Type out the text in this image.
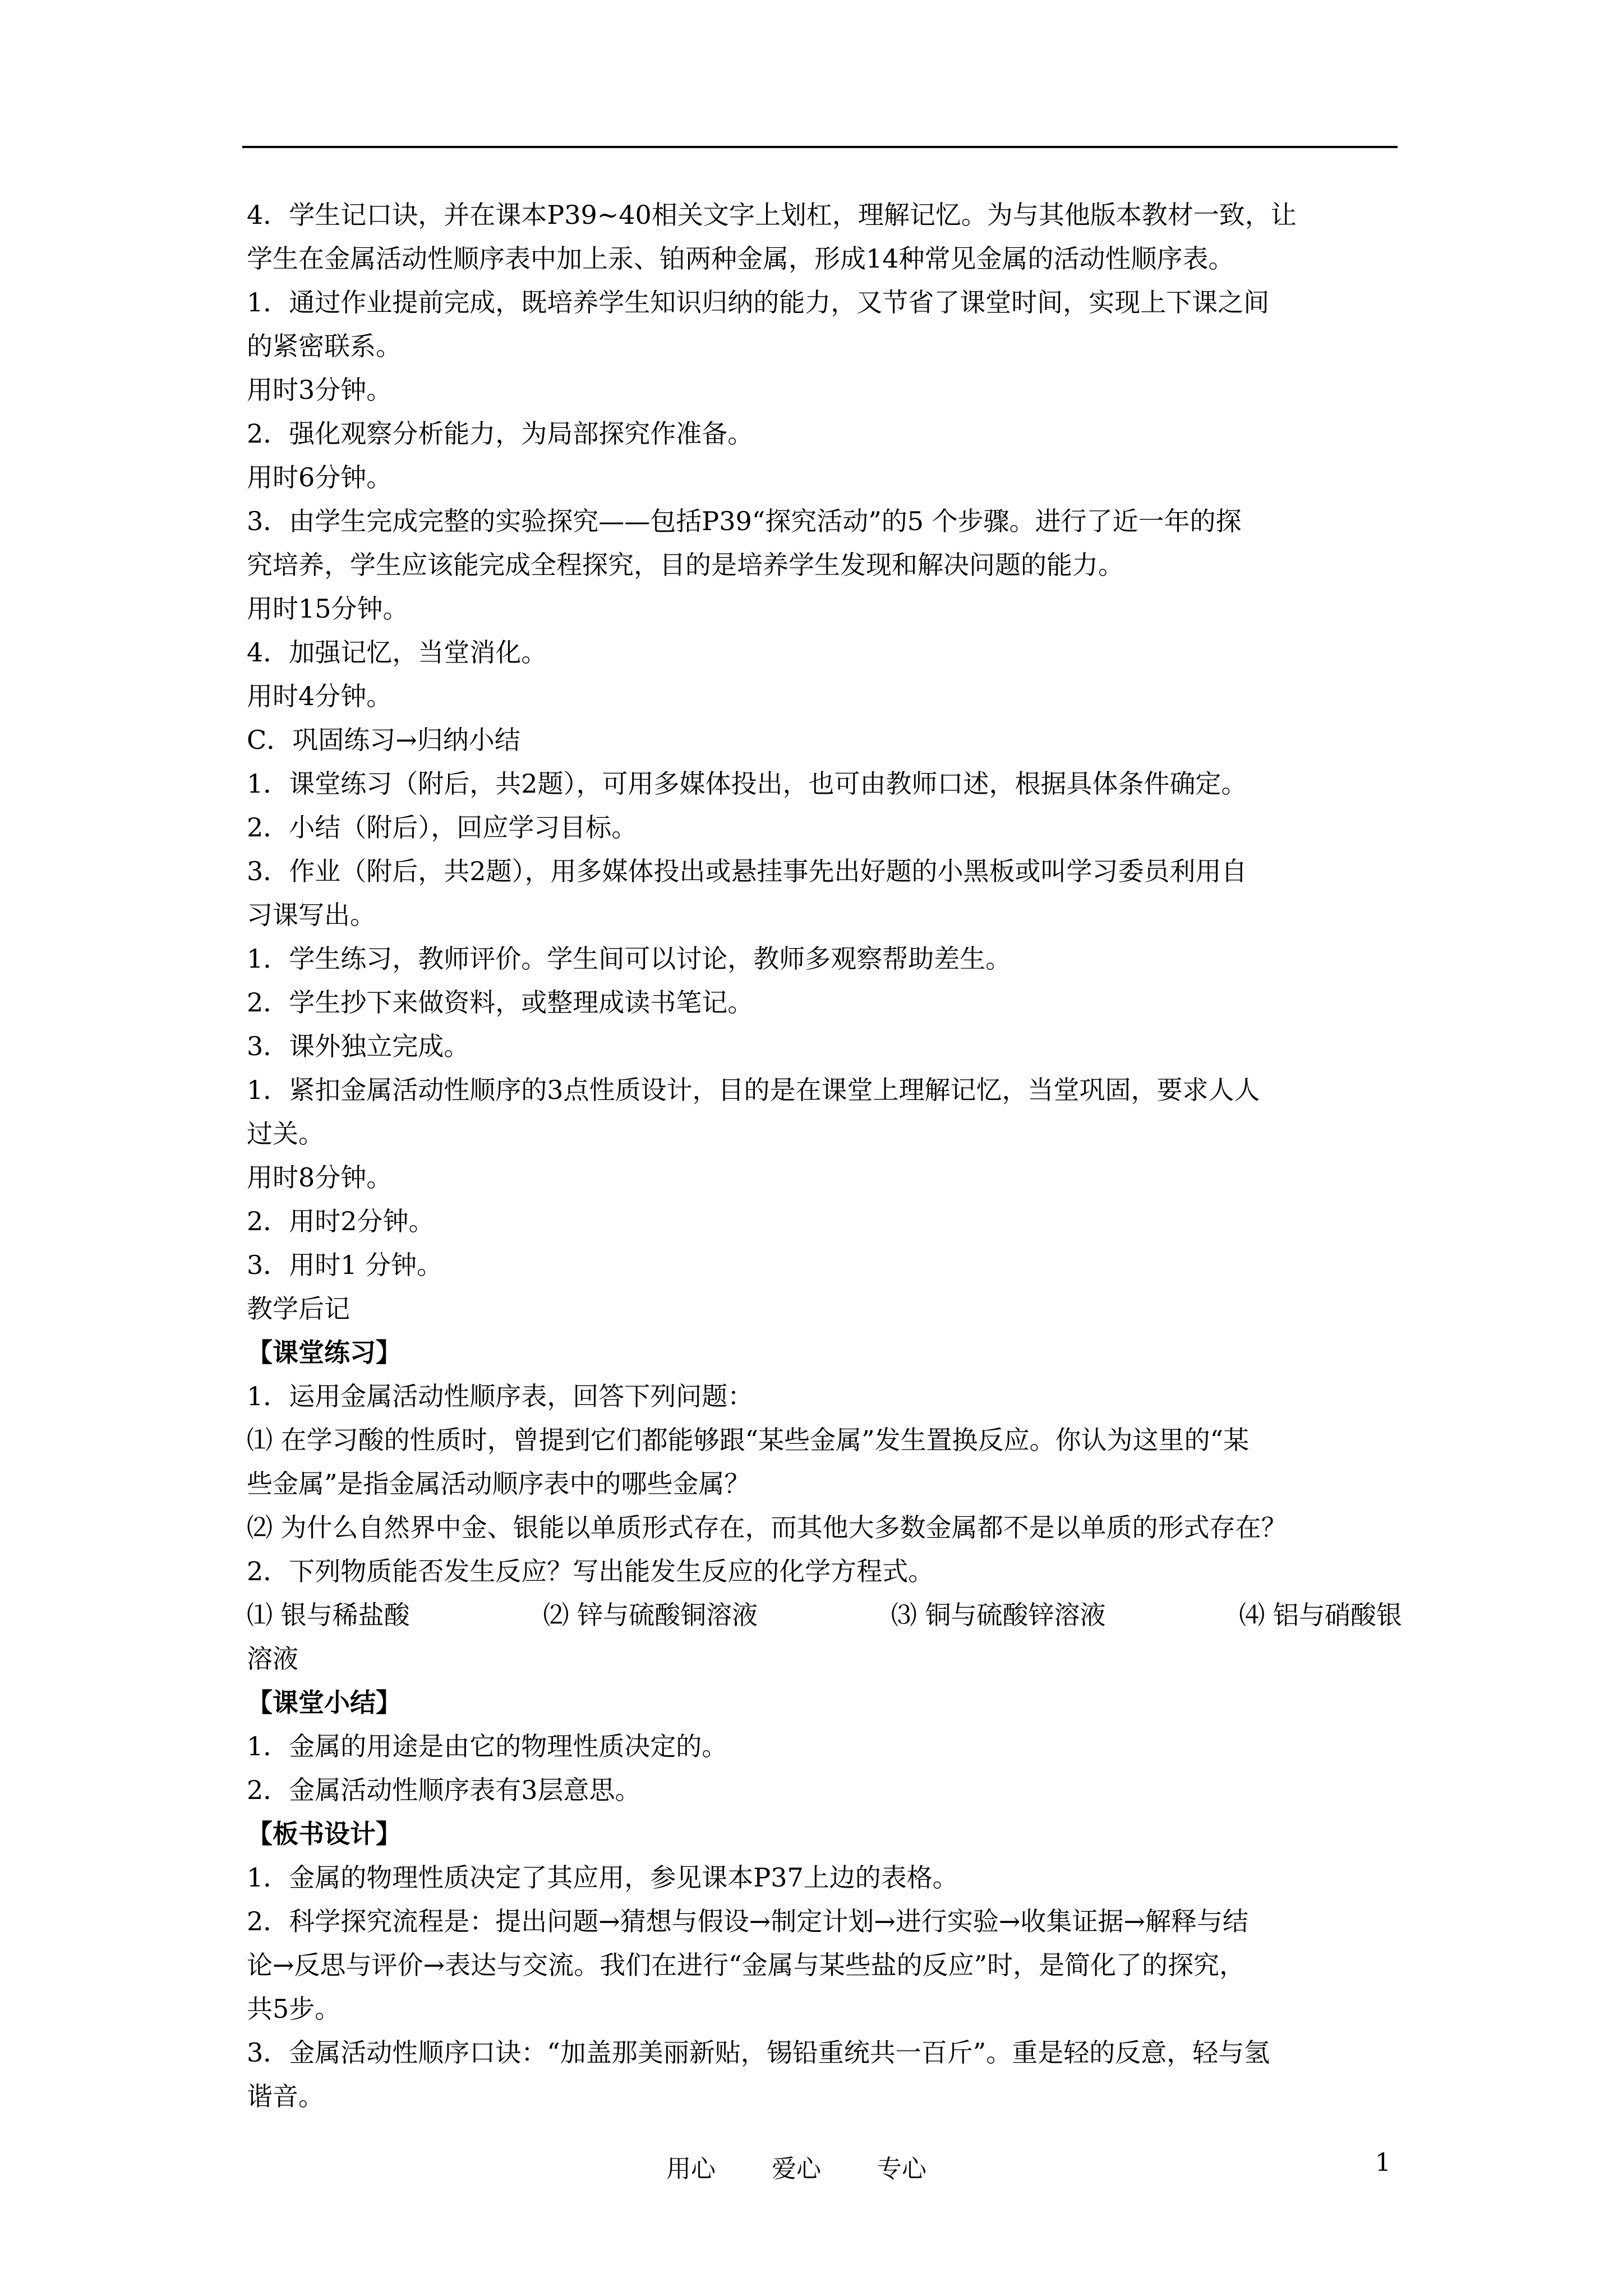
4．学生记口诀，并在课本P39~40相关文字上划杠，理解记忆。为与其他版本教材一致，让
学生在金属活动性顺序表中加上汞、铂两种金属，形成14种常见金属的活动性顺序表。
1．通过作业提前完成，既培养学生知识归纳的能力，又节省了课堂时间，实现上下课之间
的紧密联系。
用时3分钟。
2．强化观察分析能力，为局部探究作准备。
用时6分钟。
3．由学生完成完整的实验探究——包括P39“探究活动”的5 个步骤。进行了近一年的探
究培养，学生应该能完成全程探究，目的是培养学生发现和解决问题的能力。
用时15分钟。
4．加强记忆，当堂消化。
用时4分钟。
C．巩固练习→归纳小结
1．课堂练习（附后，共2题），可用多媒体投出，也可由教师口述，根据具体条件确定。
2．小结（附后），回应学习目标。
3．作业（附后，共2题），用多媒体投出或悬挂事先出好题的小黑板或叫学习委员利用自
习课写出。
1．学生练习，教师评价。学生间可以讨论，教师多观察帮助差生。
2．学生抄下来做资料，或整理成读书笔记。
3．课外独立完成。
1．紧扣金属活动性顺序的3点性质设计，目的是在课堂上理解记忆，当堂巩固，要求人人
过关。
用时8分钟。
2．用时2分钟。
3．用时1 分钟。
教学后记
【课堂练习】
1．运用金属活动性顺序表，回答下列问题：
⑴ 在学习酸的性质时，曾提到它们都能够跟“某些金属”发生置换反应。你认为这里的“某
些金属”是指金属活动顺序表中的哪些金属？
⑵ 为什么自然界中金、银能以单质形式存在，而其他大多数金属都不是以单质的形式存在？
2．下列物质能否发生反应？写出能发生反应的化学方程式。
⑴ 银与稀盐酸	⑵ 锌与硫酸铜溶液	⑶ 铜与硫酸锌溶液	⑷ 铝与硝酸银
溶液
【课堂小结】
1．金属的用途是由它的物理性质决定的。
2．金属活动性顺序表有3层意思。
【板书设计】
1．金属的物理性质决定了其应用，参见课本P37上边的表格。
2．科学探究流程是：提出问题→猜想与假设→制定计划→进行实验→收集证据→解释与结
论→反思与评价→表达与交流。我们在进行“金属与某些盐的反应”时，是简化了的探究，
共5步。
3．金属活动性顺序口诀：“加盖那美丽新贴，锡铅重统共一百斤”。重是轻的反意，轻与氢
谐音。
用心 爱心 专心	1
